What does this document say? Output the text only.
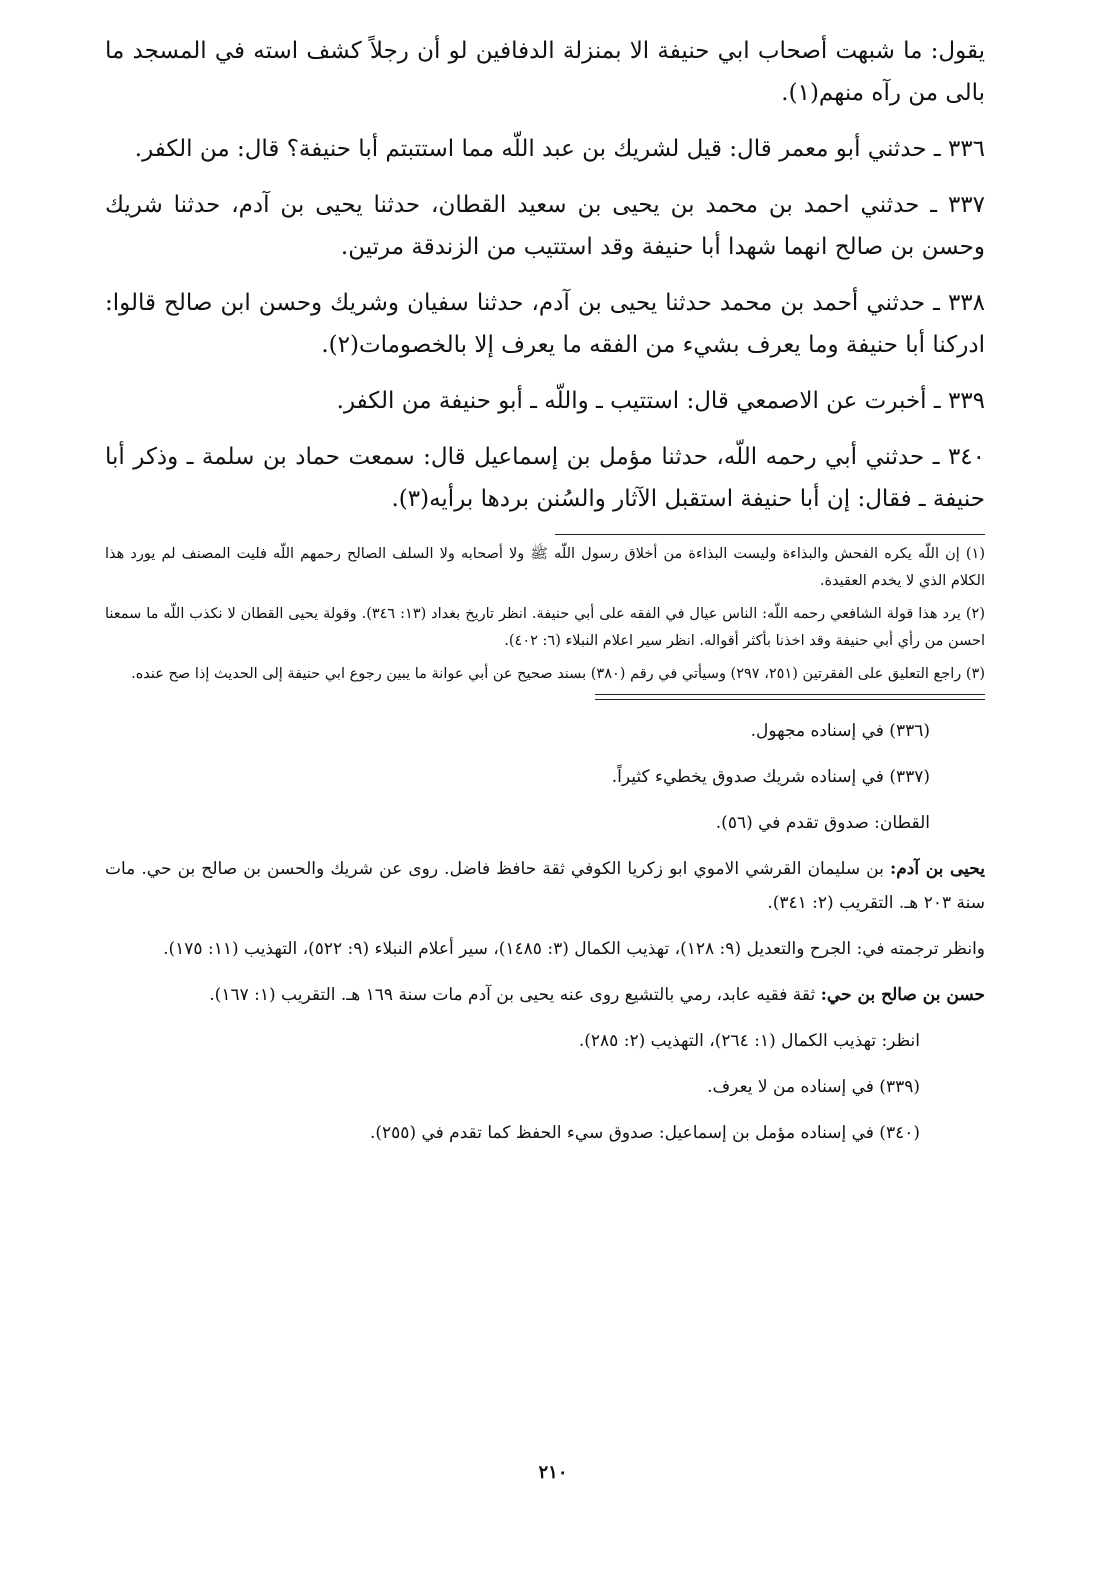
يقول: ما شبهت أصحاب ابي حنيفة الا بمنزلة الدفافين لو أن رجلاً كشف استه في المسجد ما بالى من رآه منهم(١).

٣٣٦ ـ حدثني أبو معمر قال: قيل لشريك بن عبد اللّه مما استتبتم أبا حنيفة؟ قال: من الكفر.

٣٣٧ ـ حدثني احمد بن محمد بن يحيى بن سعيد القطان، حدثنا يحيى بن آدم، حدثنا شريك وحسن بن صالح انهما شهدا أبا حنيفة وقد استتيب من الزندقة مرتين.

٣٣٨ ـ حدثني أحمد بن محمد حدثنا يحيى بن آدم، حدثنا سفيان وشريك وحسن ابن صالح قالوا: ادركنا أبا حنيفة وما يعرف بشيء من الفقه ما يعرف إلا بالخصومات(٢).

٣٣٩ ـ أخبرت عن الاصمعي قال: استتيب ـ واللّه ـ أبو حنيفة من الكفر.

٣٤٠ ـ حدثني أبي رحمه اللّه، حدثنا مؤمل بن إسماعيل قال: سمعت حماد بن سلمة ـ وذكر أبا حنيفة ـ فقال: إن أبا حنيفة استقبل الآثار والسُنن بردها برأيه(٣).

(١) إن اللّه يكره الفحش والبذاءة وليست البذاءة من أخلاق رسول اللّه ﷺ ولا أصحابه ولا السلف الصالح رحمهم اللّه فليت المصنف لم يورد هذا الكلام الذي لا يخدم العقيدة.

(٢) يرد هذا قولة الشافعي رحمه اللّه: الناس عيال في الفقه على أبي حنيفة. انظر تاريخ بغداد (١٣: ٣٤٦). وقولة يحيى القطان لا نكذب اللّه ما سمعنا احسن من رأي أبي حنيفة وقد اخذنا بأكثر أقواله. انظر سير اعلام النبلاء (٦: ٤٠٢).

(٣) راجع التعليق على الفقرتين (٢٥١، ٢٩٧) وسيأتي في رقم (٣٨٠) بسند صحيح عن أبي عوانة ما يبين رجوع ابي حنيفة إلى الحديث إذا صح عنده.

(٣٣٦) في إسناده مجهول.

(٣٣٧) في إسناده شريك صدوق يخطيء كثيراً.

القطان: صدوق تقدم في (٥٦).

يحيى بن آدم: بن سليمان القرشي الاموي ابو زكريا الكوفي ثقة حافظ فاضل. روى عن شريك والحسن بن صالح بن حي. مات سنة ٢٠٣ هـ. التقريب (٢: ٣٤١).

وانظر ترجمته في: الجرح والتعديل (٩: ١٢٨)، تهذيب الكمال (٣: ١٤٨٥)، سير أعلام النبلاء (٩: ٥٢٢)، التهذيب (١١: ١٧٥).

حسن بن صالح بن حي: ثقة فقيه عابد، رمي بالتشيع روى عنه يحيى بن آدم مات سنة ١٦٩ هـ. التقريب (١: ١٦٧).

انظر: تهذيب الكمال (١: ٢٦٤)، التهذيب (٢: ٢٨٥).

(٣٣٩) في إسناده من لا يعرف.

(٣٤٠) في إسناده مؤمل بن إسماعيل: صدوق سيء الحفظ كما تقدم في (٢٥٥).

٢١٠
